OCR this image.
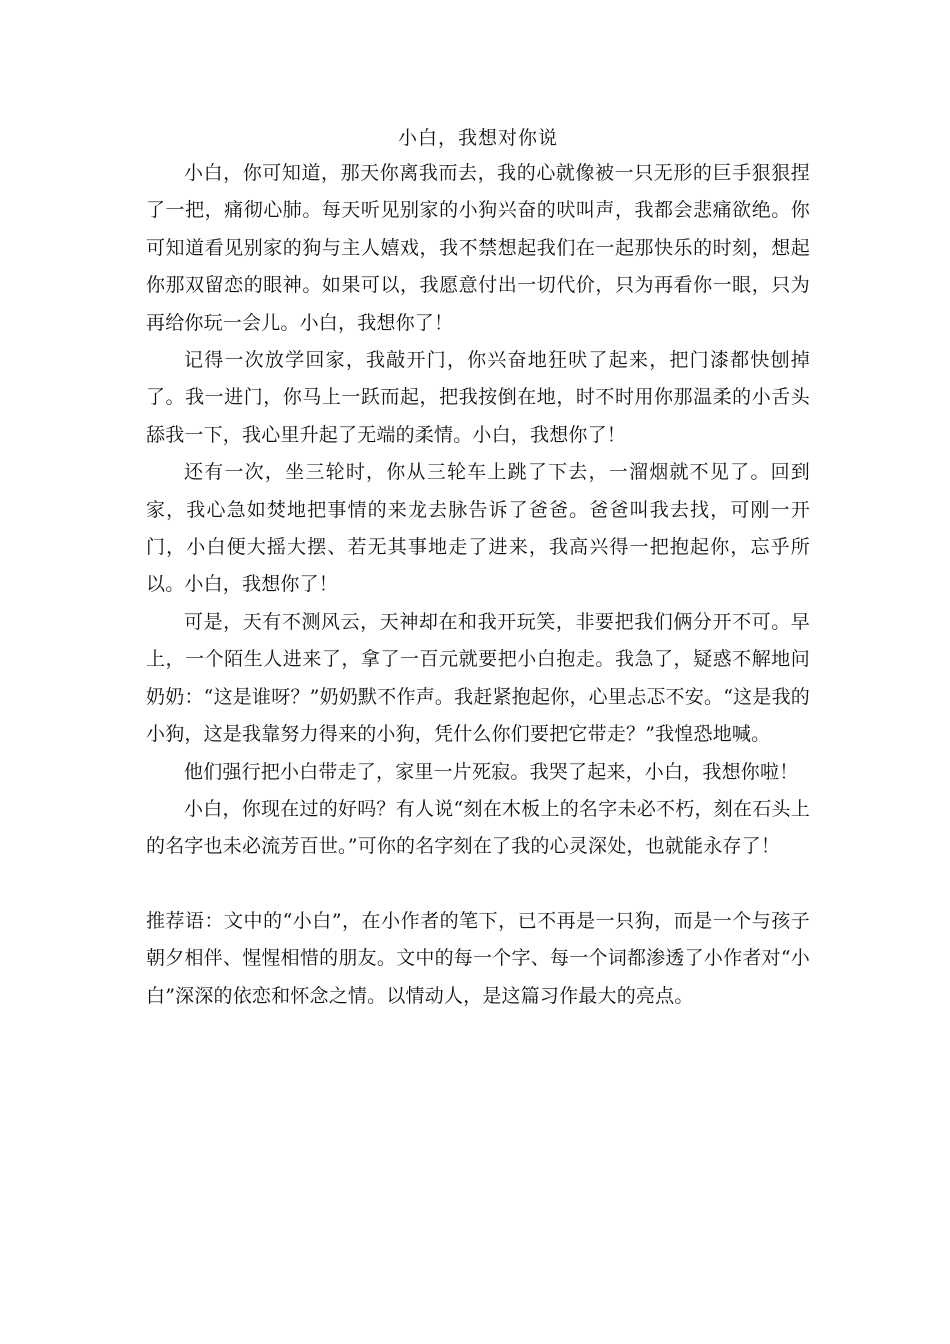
小白，我想对你说

小白，你可知道，那天你离我而去，我的心就像被一只无形的巨手狠狠捏了一把，痛彻心肺。每天听见别家的小狗兴奋的吠叫声，我都会悲痛欲绝。你可知道看见别家的狗与主人嬉戏，我不禁想起我们在一起那快乐的时刻，想起你那双留恋的眼神。如果可以，我愿意付出一切代价，只为再看你一眼，只为再给你玩一会儿。小白，我想你了！

记得一次放学回家，我敲开门，你兴奋地狂吠了起来，把门漆都快刨掉了。我一进门，你马上一跃而起，把我按倒在地，时不时用你那温柔的小舌头舔我一下，我心里升起了无端的柔情。小白，我想你了！

还有一次，坐三轮时，你从三轮车上跳了下去，一溜烟就不见了。回到家，我心急如焚地把事情的来龙去脉告诉了爸爸。爸爸叫我去找，可刚一开门，小白便大摇大摆、若无其事地走了进来，我高兴得一把抱起你，忘乎所以。小白，我想你了！

可是，天有不测风云，天神却在和我开玩笑，非要把我们俩分开不可。早上，一个陌生人进来了，拿了一百元就要把小白抱走。我急了，疑惑不解地问奶奶：“这是谁呀？”奶奶默不作声。我赶紧抱起你，心里忐忑不安。“这是我的小狗，这是我靠努力得来的小狗，凭什么你们要把它带走？”我惶恐地喊。

他们强行把小白带走了，家里一片死寂。我哭了起来，小白，我想你啦！

小白，你现在过的好吗？有人说“刻在木板上的名字未必不朽，刻在石头上的名字也未必流芳百世。”可你的名字刻在了我的心灵深处，也就能永存了！

推荐语：文中的“小白”，在小作者的笔下，已不再是一只狗，而是一个与孩子朝夕相伴、惺惺相惜的朋友。文中的每一个字、每一个词都渗透了小作者对“小白”深深的依恋和怀念之情。以情动人，是这篇习作最大的亮点。
